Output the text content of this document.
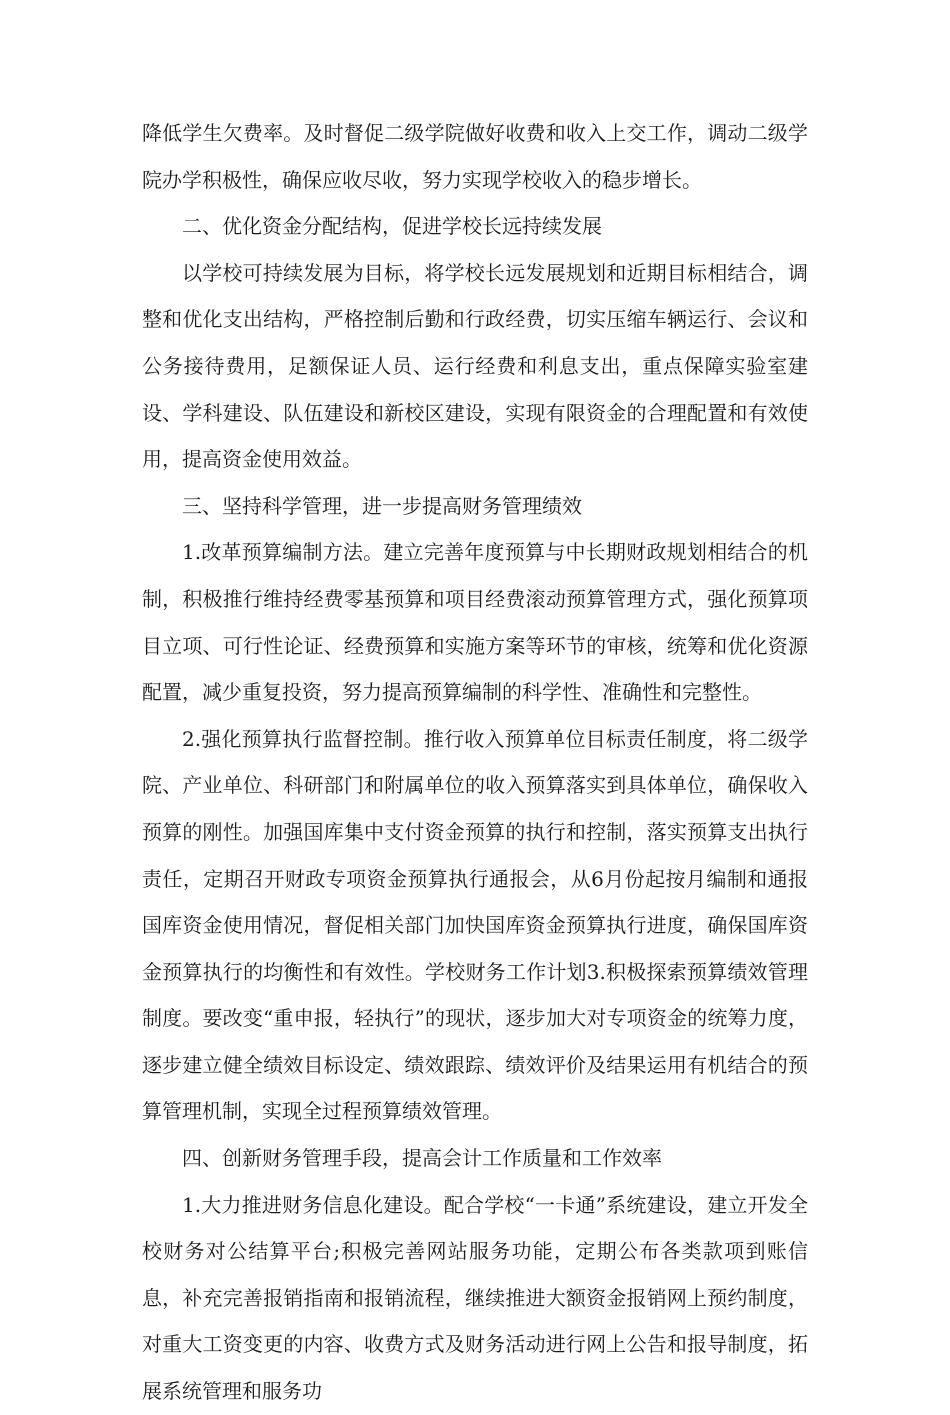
降低学生欠费率。及时督促二级学院做好收费和收入上交工作，调动二级学院办学积极性，确保应收尽收，努力实现学校收入的稳步增长。

二、优化资金分配结构，促进学校长远持续发展

以学校可持续发展为目标，将学校长远发展规划和近期目标相结合，调整和优化支出结构，严格控制后勤和行政经费，切实压缩车辆运行、会议和公务接待费用，足额保证人员、运行经费和利息支出，重点保障实验室建设、学科建设、队伍建设和新校区建设，实现有限资金的合理配置和有效使用，提高资金使用效益。

三、坚持科学管理，进一步提高财务管理绩效

1.改革预算编制方法。建立完善年度预算与中长期财政规划相结合的机制，积极推行维持经费零基预算和项目经费滚动预算管理方式，强化预算项目立项、可行性论证、经费预算和实施方案等环节的审核，统筹和优化资源配置，减少重复投资，努力提高预算编制的科学性、准确性和完整性。

2.强化预算执行监督控制。推行收入预算单位目标责任制度，将二级学院、产业单位、科研部门和附属单位的收入预算落实到具体单位，确保收入预算的刚性。加强国库集中支付资金预算的执行和控制，落实预算支出执行责任，定期召开财政专项资金预算执行通报会，从6月份起按月编制和通报国库资金使用情况，督促相关部门加快国库资金预算执行进度，确保国库资金预算执行的均衡性和有效性。学校财务工作计划3.积极探索预算绩效管理制度。要改变“重申报，轻执行”的现状，逐步加大对专项资金的统筹力度，逐步建立健全绩效目标设定、绩效跟踪、绩效评价及结果运用有机结合的预算管理机制，实现全过程预算绩效管理。

四、创新财务管理手段，提高会计工作质量和工作效率

1.大力推进财务信息化建设。配合学校“一卡通”系统建设，建立开发全校财务对公结算平台;积极完善网站服务功能，定期公布各类款项到账信息，补充完善报销指南和报销流程，继续推进大额资金报销网上预约制度，对重大工资变更的内容、收费方式及财务活动进行网上公告和报导制度，拓展系统管理和服务功
